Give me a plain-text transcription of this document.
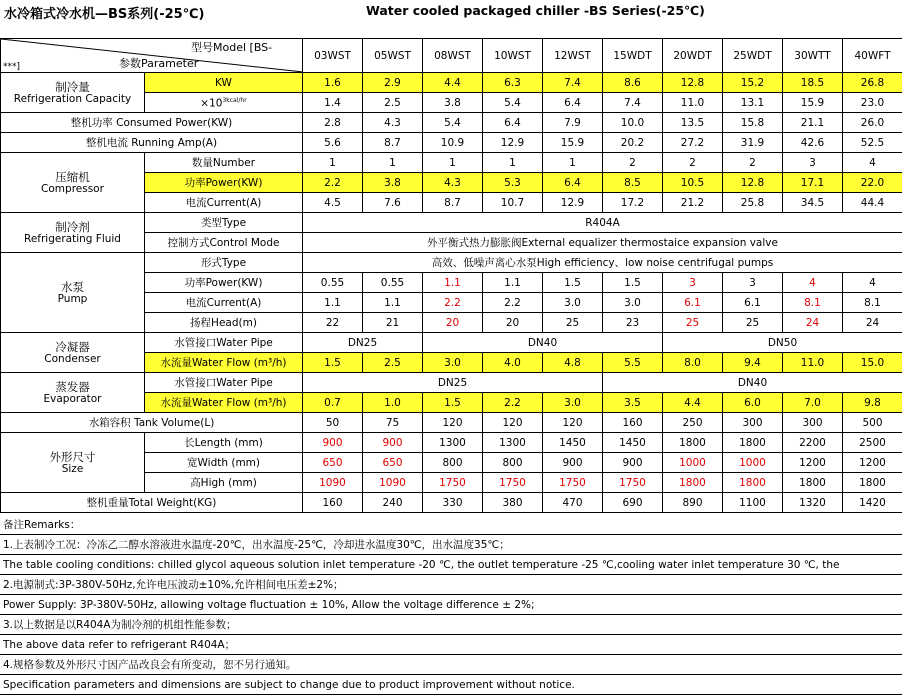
水冷箱式冷水机—BS系列(-25℃)	Water cooled packaged chiller -BS Series(-25℃)
型号Model [BS-
参数Parameter
***]		03WST	05WST	08WST	10WST	12WST	15WDT	20WDT	25WDT	30WTT	40WFT

制冷量
Refrigeration Capacity	KW	1.6	2.9	4.4	6.3	7.4	8.6	12.8	15.2	18.5	26.8
	$\times 10^{3kcal/hr}$	1.4	2.5	3.8	5.4	6.4	7.4	11.0	13.1	15.9	23.0
整机功率 Consumed Power(KW)		2.8	4.3	5.4	6.4	7.9	10.0	13.5	15.8	21.1	26.0
整机电流 Running Amp(A)		5.6	8.7	10.9	12.9	15.9	20.2	27.2	31.9	42.6	52.5

压缩机
Compressor	数量Number	1	1	1	1	1	2	2	2	3	4
	功率Power(KW)	2.2	3.8	4.3	5.3	6.4	8.5	10.5	12.8	17.1	22.0
	电流Current(A)	4.5	7.6	8.7	10.7	12.9	17.2	21.2	25.8	34.5	44.4

制冷剂
Refrigerating Fluid	类型Type	R404A									
	控制方式Control Mode	外平衡式热力膨胀阀External equalizer thermostaice expansion valve									

水泵
Pump	形式Type	高效、低噪声离心水泵High efficiency、low noise centrifugal pumps									
	功率Power(KW)	0.55	0.55	1.1	1.1	1.5	1.5	3	3	4	4
	电流Current(A)	1.1	1.1	2.2	2.2	3.0	3.0	6.1	6.1	8.1	8.1
	扬程Head(m)	22	21	20	20	25	23	25	25	24	24

冷凝器
Condenser	水管接口Water Pipe	DN25		DN40				DN50			
	水流量Water Flow (m³/h)	1.5	2.5	3.0	4.0	4.8	5.5	8.0	9.4	11.0	15.0

蒸发器
Evaporator	水管接口Water Pipe	DN25					DN40				
	水流量Water Flow (m³/h)	0.7	1.0	1.5	2.2	3.0	3.5	4.4	6.0	7.0	9.8
水箱容积 Tank Volume(L)		50	75	120	120	120	160	250	300	300	500

外形尺寸
Size	长Length (mm)	900	900	1300	1300	1450	1450	1800	1800	2200	2500
	宽Width (mm)	650	650	800	800	900	900	1000	1000	1200	1200
	高High (mm)	1090	1090	1750	1750	1750	1750	1800	1800	1800	1800
整机重量Total Weight(KG)		160	240	330	380	470	690	890	1100	1320	1420
备注Remarks：
1.上表制冷工况：冷冻乙二醇水溶液进水温度-20℃，出水温度-25℃，冷却进水温度30℃，出水温度35℃；
The table cooling conditions: chilled glycol aqueous solution inlet temperature -20 ℃, the outlet temperature -25 ℃,cooling water inlet temperature 30 ℃, the
2.电源制式:3P-380V-50Hz,允许电压波动±10%,允许相间电压差±2%；
Power Supply: 3P-380V-50Hz, allowing voltage fluctuation ± 10%, Allow the voltage difference ± 2%;
3.以上数据是以R404A为制冷剂的机组性能参数；
The above data refer to refrigerant R404A；
4.规格参数及外形尺寸因产品改良会有所变动，恕不另行通知。
Specification parameters and dimensions are subject to change due to product improvement without notice.
